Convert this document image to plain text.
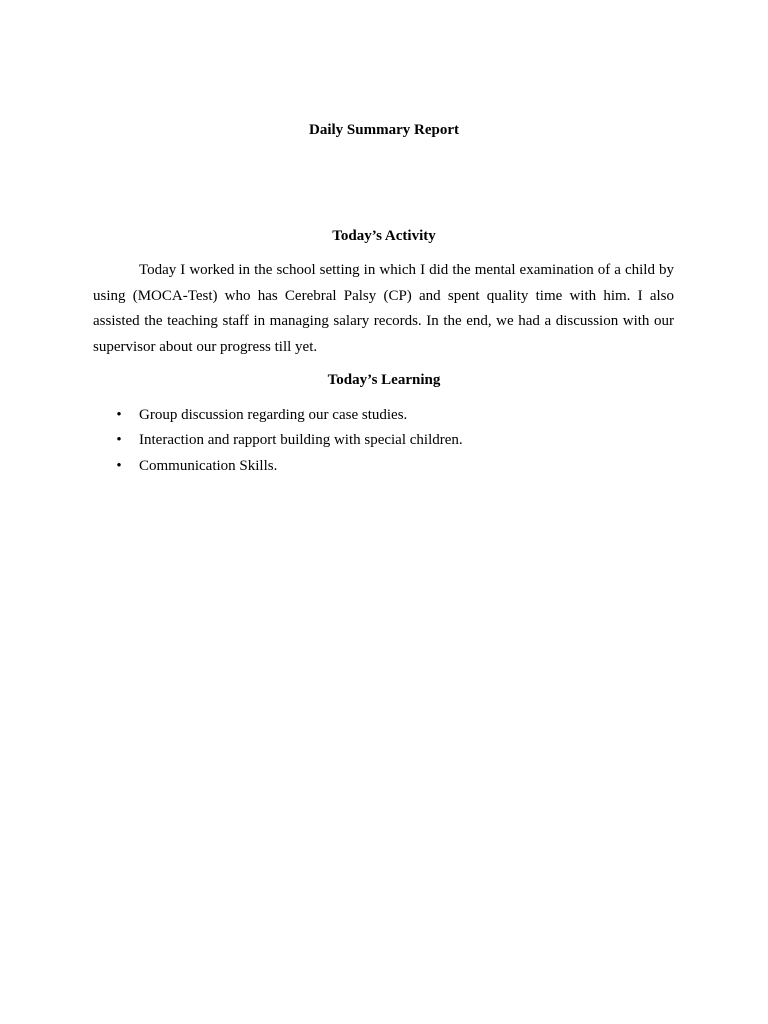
Daily Summary Report

Today’s Activity

Today I worked in the school setting in which I did the mental examination of a child by using (MOCA-Test) who has Cerebral Palsy (CP) and spent quality time with him. I also assisted the teaching staff in managing salary records. In the end, we had a discussion with our supervisor about our progress till yet.

Today’s Learning

• Group discussion regarding our case studies.
• Interaction and rapport building with special children.
• Communication Skills.
